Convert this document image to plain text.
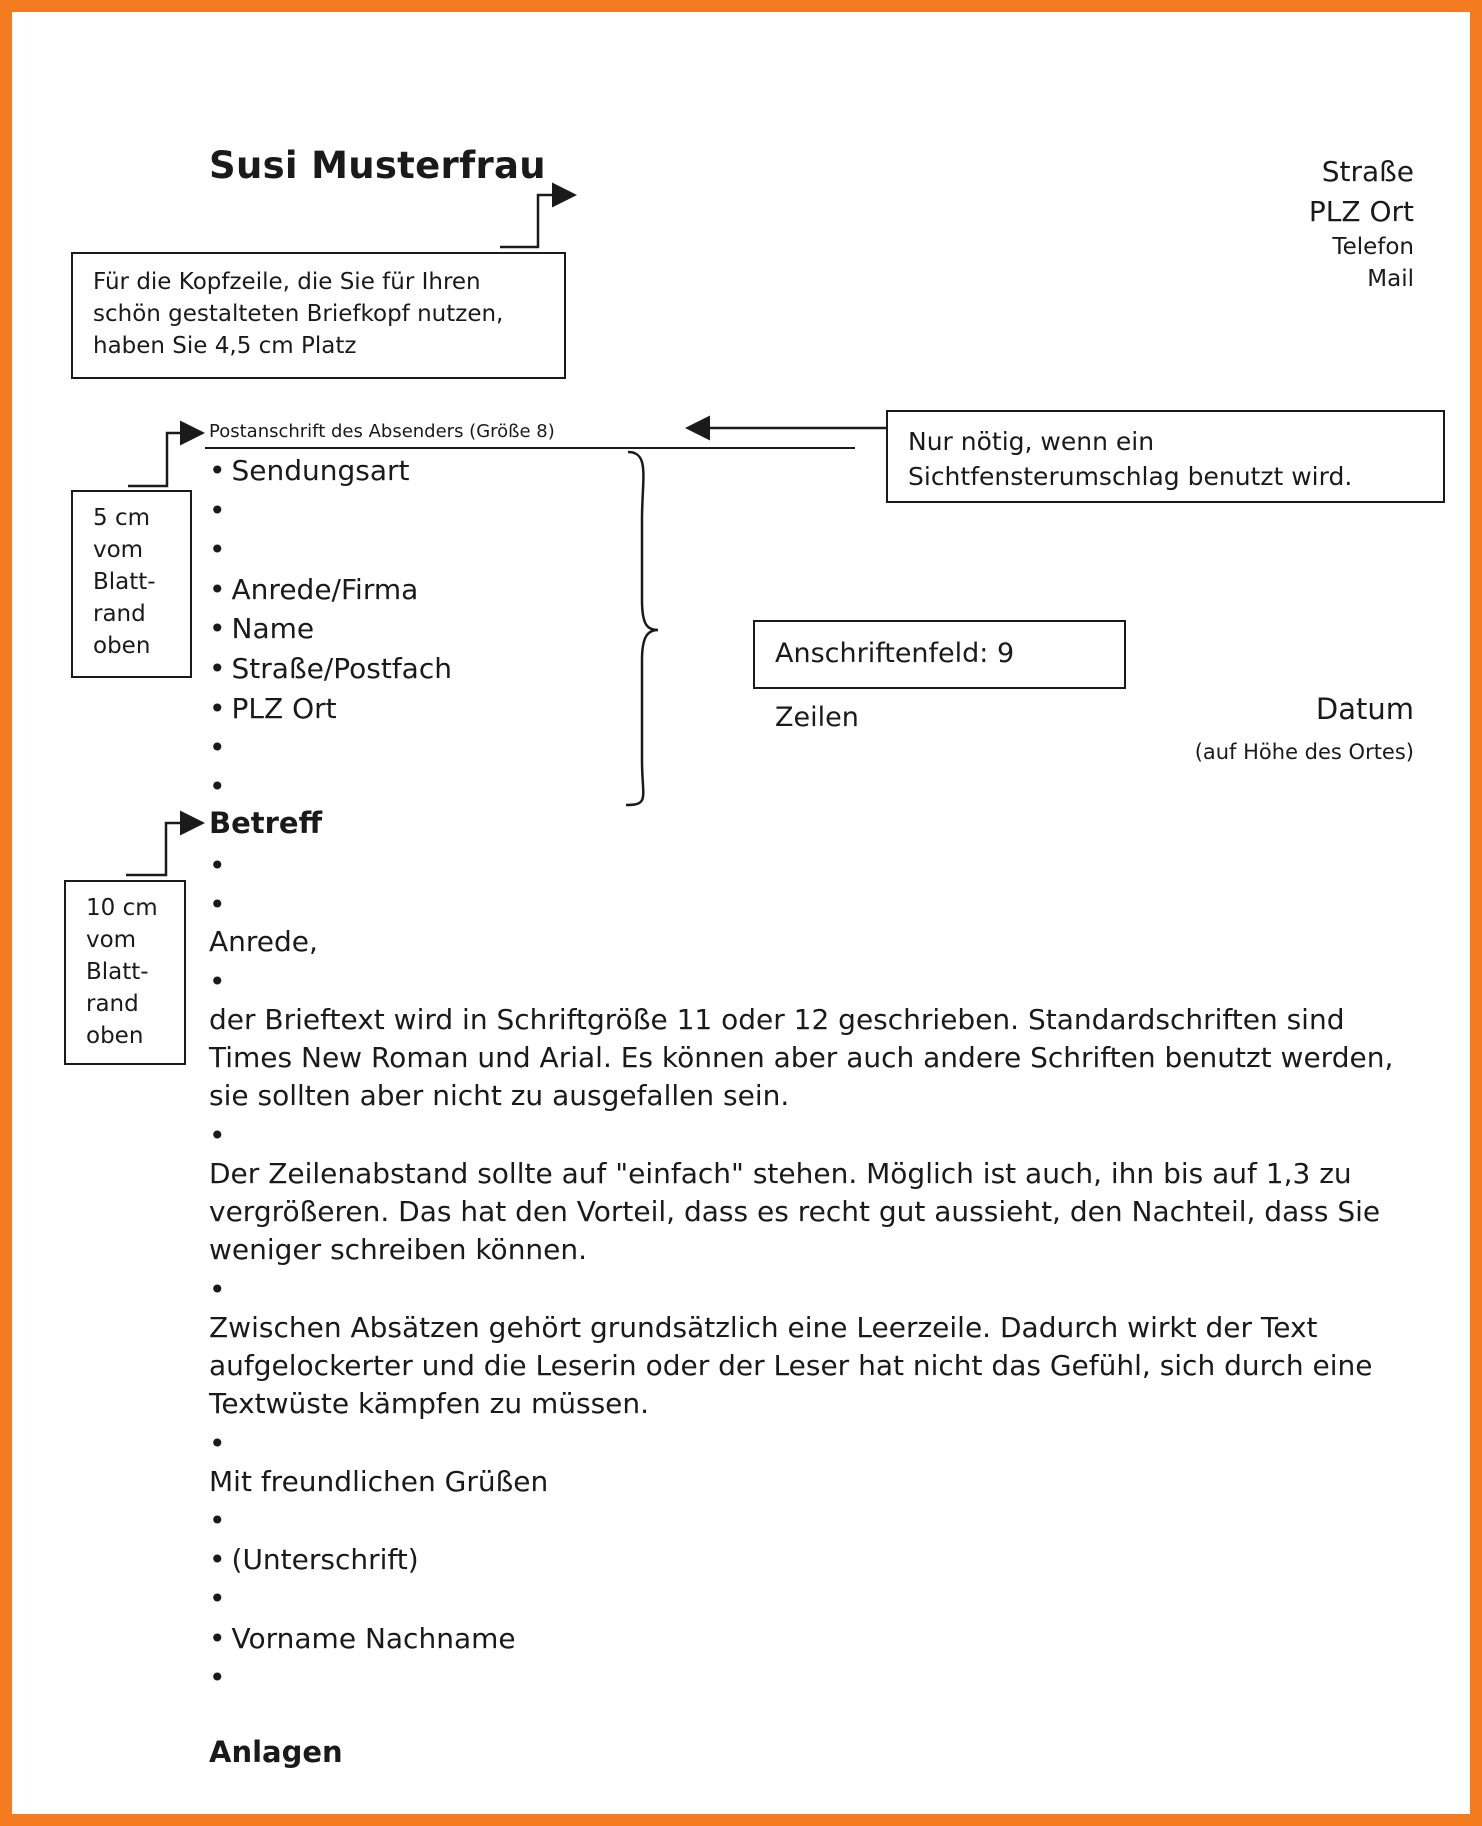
Susi Musterfrau	Straße
PLZ Ort
Telefon
Mail
Für die Kopfzeile, die Sie für Ihren schön gestalteten Briefkopf nutzen, haben Sie 4,5 cm Platz
Postanschrift des Absenders (Größe 8)	Nur nötig, wenn ein Sichtfensterumschlag benutzt wird.
5 cm vom Blatt-rand oben
• Sendungsart
•
•
• Anrede/Firma
• Name
• Straße/Postfach
• PLZ Ort
•
•
Anschriftenfeld: 9 Zeilen	Datum
(auf Höhe des Ortes)
Betreff
10 cm vom Blatt-rand oben
•
•
Anrede,
•
der Brieftext wird in Schriftgröße 11 oder 12 geschrieben. Standardschriften sind Times New Roman und Arial. Es können aber auch andere Schriften benutzt werden, sie sollten aber nicht zu ausgefallen sein.
•
Der Zeilenabstand sollte auf "einfach" stehen. Möglich ist auch, ihn bis auf 1,3 zu vergrößeren. Das hat den Vorteil, dass es recht gut aussieht, den Nachteil, dass Sie weniger schreiben können.
•
Zwischen Absätzen gehört grundsätzlich eine Leerzeile. Dadurch wirkt der Text aufgelockerter und die Leserin oder der Leser hat nicht das Gefühl, sich durch eine Textwüste kämpfen zu müssen.
•
Mit freundlichen Grüßen
•
• (Unterschrift)
•
• Vorname Nachname
•
Anlagen
